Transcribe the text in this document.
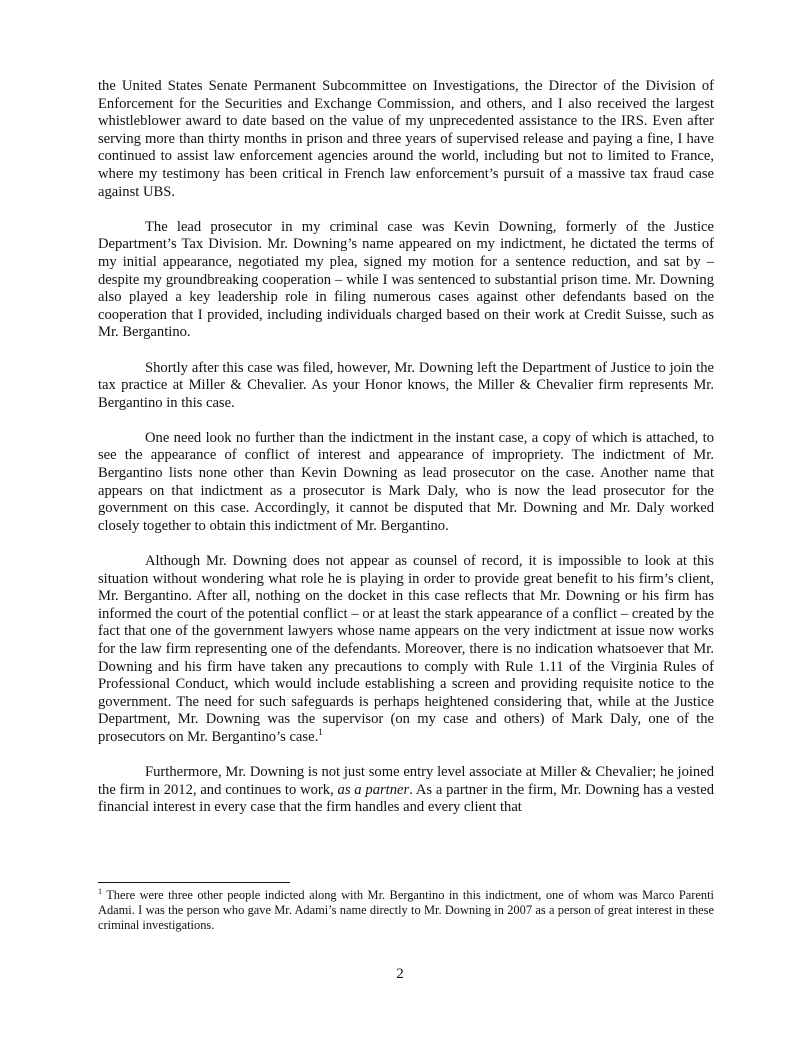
the United States Senate Permanent Subcommittee on Investigations, the Director of the Division of Enforcement for the Securities and Exchange Commission, and others, and I also received the largest whistleblower award to date based on the value of my unprecedented assistance to the IRS. Even after serving more than thirty months in prison and three years of supervised release and paying a fine, I have continued to assist law enforcement agencies around the world, including but not to limited to France, where my testimony has been critical in French law enforcement’s pursuit of a massive tax fraud case against UBS.

The lead prosecutor in my criminal case was Kevin Downing, formerly of the Justice Department’s Tax Division. Mr. Downing’s name appeared on my indictment, he dictated the terms of my initial appearance, negotiated my plea, signed my motion for a sentence reduction, and sat by – despite my groundbreaking cooperation – while I was sentenced to substantial prison time. Mr. Downing also played a key leadership role in filing numerous cases against other defendants based on the cooperation that I provided, including individuals charged based on their work at Credit Suisse, such as Mr. Bergantino.

Shortly after this case was filed, however, Mr. Downing left the Department of Justice to join the tax practice at Miller & Chevalier. As your Honor knows, the Miller & Chevalier firm represents Mr. Bergantino in this case.

One need look no further than the indictment in the instant case, a copy of which is attached, to see the appearance of conflict of interest and appearance of impropriety. The indictment of Mr. Bergantino lists none other than Kevin Downing as lead prosecutor on the case. Another name that appears on that indictment as a prosecutor is Mark Daly, who is now the lead prosecutor for the government on this case. Accordingly, it cannot be disputed that Mr. Downing and Mr. Daly worked closely together to obtain this indictment of Mr. Bergantino.

Although Mr. Downing does not appear as counsel of record, it is impossible to look at this situation without wondering what role he is playing in order to provide great benefit to his firm’s client, Mr. Bergantino. After all, nothing on the docket in this case reflects that Mr. Downing or his firm has informed the court of the potential conflict – or at least the stark appearance of a conflict – created by the fact that one of the government lawyers whose name appears on the very indictment at issue now works for the law firm representing one of the defendants. Moreover, there is no indication whatsoever that Mr. Downing and his firm have taken any precautions to comply with Rule 1.11 of the Virginia Rules of Professional Conduct, which would include establishing a screen and providing requisite notice to the government. The need for such safeguards is perhaps heightened considering that, while at the Justice Department, Mr. Downing was the supervisor (on my case and others) of Mark Daly, one of the prosecutors on Mr. Bergantino’s case.$^1$

Furthermore, Mr. Downing is not just some entry level associate at Miller & Chevalier; he joined the firm in 2012, and continues to work, as a partner. As a partner in the firm, Mr. Downing has a vested financial interest in every case that the firm handles and every client that

$^1$ There were three other people indicted along with Mr. Bergantino in this indictment, one of whom was Marco Parenti Adami. I was the person who gave Mr. Adami’s name directly to Mr. Downing in 2007 as a person of great interest in these criminal investigations.
2
